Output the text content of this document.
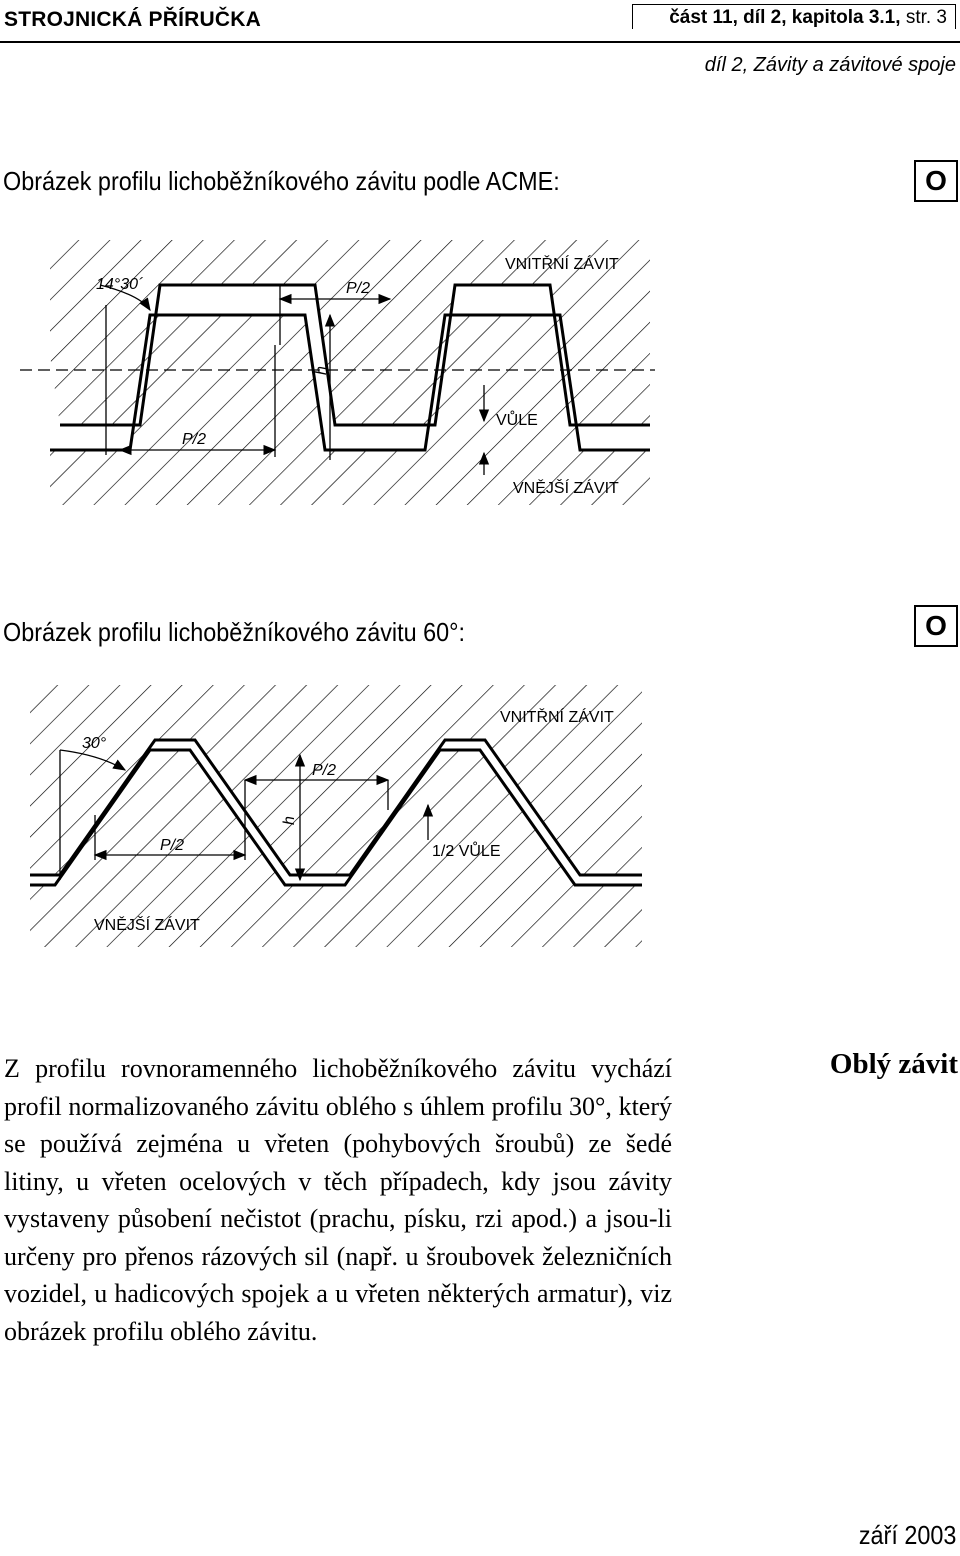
STROJNICKÁ PŘÍRUČKA	část 11, díl 2, kapitola 3.1, str. 3
díl 2, Závity a závitové spoje
Obrázek profilu lichoběžníkového závitu podle ACME:	O
14°30´
VNITŘNÍ ZÁVIT
P/2
P/2
h
VŮLE
VNĚJŠÍ ZÁVIT
Obrázek profilu lichoběžníkového závitu 60°:	O
30°
VNITŘNÍ ZÁVIT
P/2
P/2
h
1/2 VŮLE
VNĚJŠÍ ZÁVIT
Oblý závit
Z profilu rovnoramenného lichoběžníkového závitu vychází profil normalizovaného závitu oblého s úhlem profilu 30°, který se používá zejména u vřeten (pohybových šroubů) ze šedé litiny, u vřeten ocelových v těch případech, kdy jsou závity vystaveny působení nečistot (prachu, písku, rzi apod.) a jsou-li určeny pro přenos rázových sil (např. u šroubovek železničních vozidel, u hadicových spojek a u vřeten některých armatur), viz obrázek profilu oblého závitu.
září 2003
